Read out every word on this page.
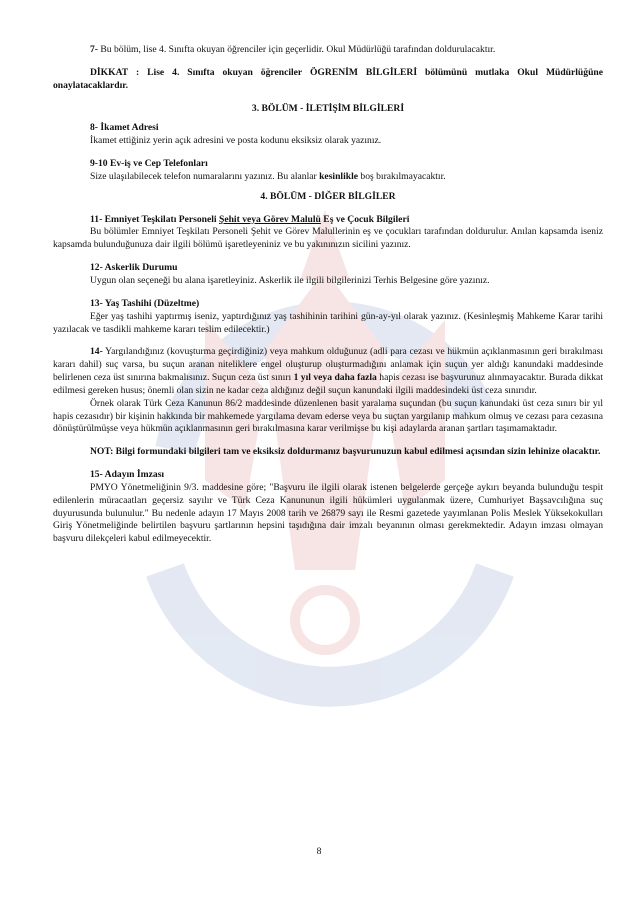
7- Bu bölüm, lise 4. Sınıfta okuyan öğrenciler için geçerlidir. Okul Müdürlüğü tarafından doldurulacaktır.

DİKKAT : Lise 4. Sınıfta okuyan öğrenciler ÖGRENİM BİLGİLERİ bölümünü mutlaka Okul Müdürlüğüne onaylatacaklardır.

3. BÖLÜM - İLETİŞİM BİLGİLERİ

8- İkamet Adresi

İkamet ettiğiniz yerin açık adresini ve posta kodunu eksiksiz olarak yazınız.

9-10 Ev-iş ve Cep Telefonları

Size ulaşılabilecek telefon numaralarını yazınız. Bu alanlar kesinlikle boş bırakılmayacaktır.

4. BÖLÜM - DİĞER BİLGİLER

11- Emniyet Teşkilatı Personeli Şehit veya Görev Malulü Eş ve Çocuk Bilgileri

Bu bölümler Emniyet Teşkilatı Personeli Şehit ve Görev Malullerinin eş ve çocukları tarafından doldurulur. Anılan kapsamda iseniz kapsamda bulunduğunuza dair ilgili bölümü işaretleyeniniz ve bu yakınınızın sicilini yazınız.

12- Askerlik Durumu

Uygun olan seçeneği bu alana işaretleyiniz. Askerlik ile ilgili bilgilerinizi Terhis Belgesine göre yazınız.

13- Yaş Tashihi (Düzeltme)

Eğer yaş tashihi yaptırmış iseniz, yaptırdığınız yaş tashihinin tarihini gün-ay-yıl olarak yazınız. (Kesinleşmiş Mahkeme Karar tarihi yazılacak ve tasdikli mahkeme kararı teslim edilecektir.)

14- Yargılandığınız (kovuşturma geçirdiğiniz) veya mahkum olduğunuz (adli para cezası ve hükmün açıklanmasının geri bırakılması kararı dahil) suç varsa, bu suçun aranan niteliklere engel oluşturup oluşturmadığını anlamak için suçun yer aldığı kanundaki maddesinde belirlenen ceza üst sınırına bakmalısınız. Suçun ceza üst sınırı 1 yıl veya daha fazla hapis cezası ise başvurunuz alınmayacaktır. Burada dikkat edilmesi gereken husus; önemli olan sizin ne kadar ceza aldığınız değil suçun kanundaki ilgili maddesindeki üst ceza sınırıdır.

Örnek olarak Türk Ceza Kanunun 86/2 maddesinde düzenlenen basit yaralama suçundan (bu suçun kanundaki üst ceza sınırı bir yıl hapis cezasıdır) bir kişinin hakkında bir mahkemede yargılama devam ederse veya bu suçtan yargılanıp mahkum olmuş ve cezası para cezasına dönüştürülmüşse veya hükmün açıklanmasının geri bırakılmasına karar verilmişse bu kişi adaylarda aranan şartları taşımamaktadır.

NOT: Bilgi formundaki bilgileri tam ve eksiksiz doldurmanız başvurunuzun kabul edilmesi açısından sizin lehinize olacaktır.

15- Adayın İmzası

PMYO Yönetmeliğinin 9/3. maddesine göre; "Başvuru ile ilgili olarak istenen belgelerde gerçeğe aykırı beyanda bulunduğu tespit edilenlerin müracaatları geçersiz sayılır ve Türk Ceza Kanununun ilgili hükümleri uygulanmak üzere, Cumhuriyet Başsavcılığına suç duyurusunda bulunulur." Bu nedenle adayın 17 Mayıs 2008 tarih ve 26879 sayı ile Resmi gazetede yayımlanan Polis Meslek Yüksekokulları Giriş Yönetmeliğinde belirtilen başvuru şartlarının hepsini taşıdığına dair imzalı beyanının olması gerekmektedir. Adayın imzası olmayan başvuru dilekçeleri kabul edilmeyecektir.

8
